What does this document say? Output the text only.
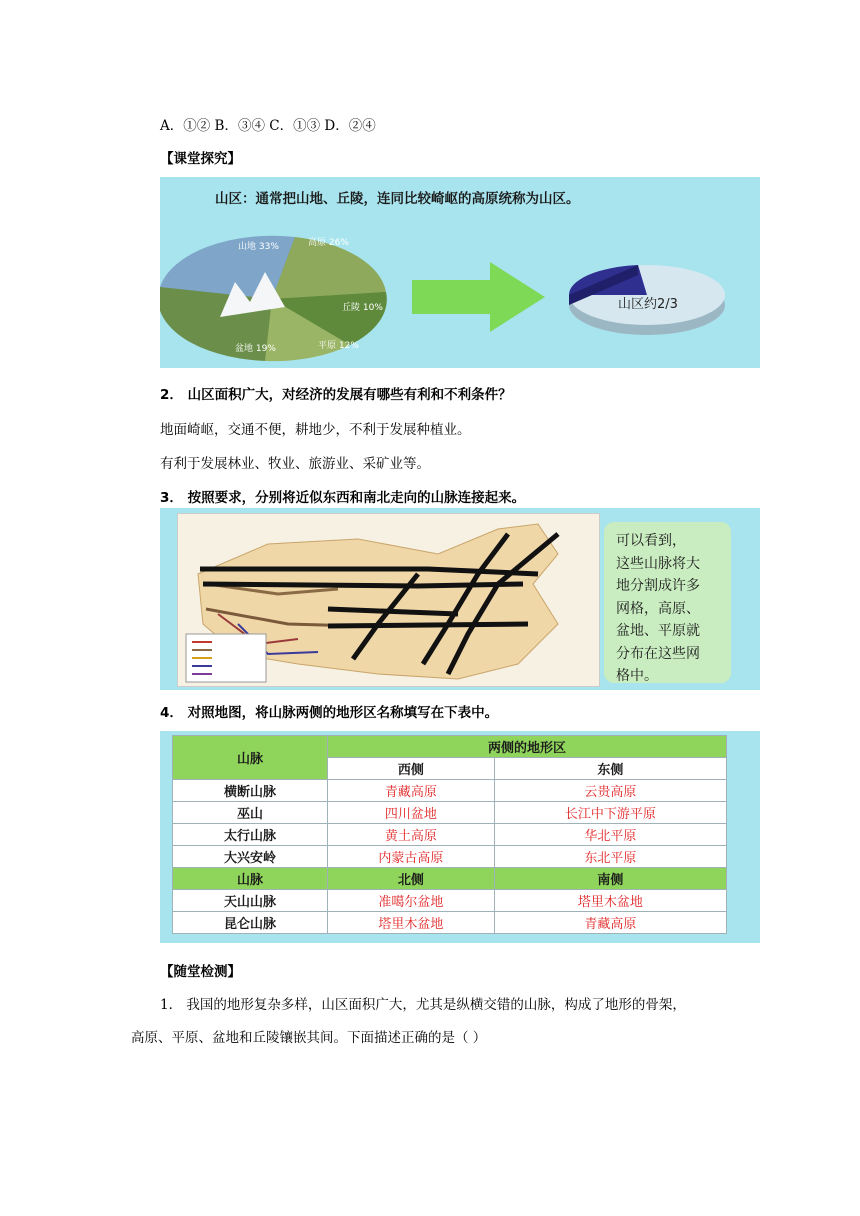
A．①② B．③④ C．①③ D．②④
【课堂探究】
山区：通常把山地、丘陵，连同比较崎岖的高原统称为山区。
山地 33%	高原 26%
丘陵 10%
平原 12%
盆地 19%
山区约2/3
2． 山区面积广大，对经济的发展有哪些有利和不利条件？
地面崎岖，交通不便，耕地少，不利于发展种植业。
有利于发展林业、牧业、旅游业、采矿业等。
3． 按照要求，分别将近似东西和南北走向的山脉连接起来。
可以看到，
这些山脉将大
地分割成许多
网格，高原、
盆地、平原就
分布在这些网
格中。
4． 对照地图，将山脉两侧的地形区名称填写在下表中。
山脉	两侧的地形区	
	西侧	东侧
横断山脉	青藏高原	云贵高原
巫山	四川盆地	长江中下游平原
太行山脉	黄土高原	华北平原
大兴安岭	内蒙古高原	东北平原
山脉	北侧	南侧
天山山脉	准噶尔盆地	塔里木盆地
昆仑山脉	塔里木盆地	青藏高原
【随堂检测】
1． 我国的地形复杂多样，山区面积广大，尤其是纵横交错的山脉，构成了地形的骨架，
高原、平原、盆地和丘陵镶嵌其间。下面描述正确的是（ ）
